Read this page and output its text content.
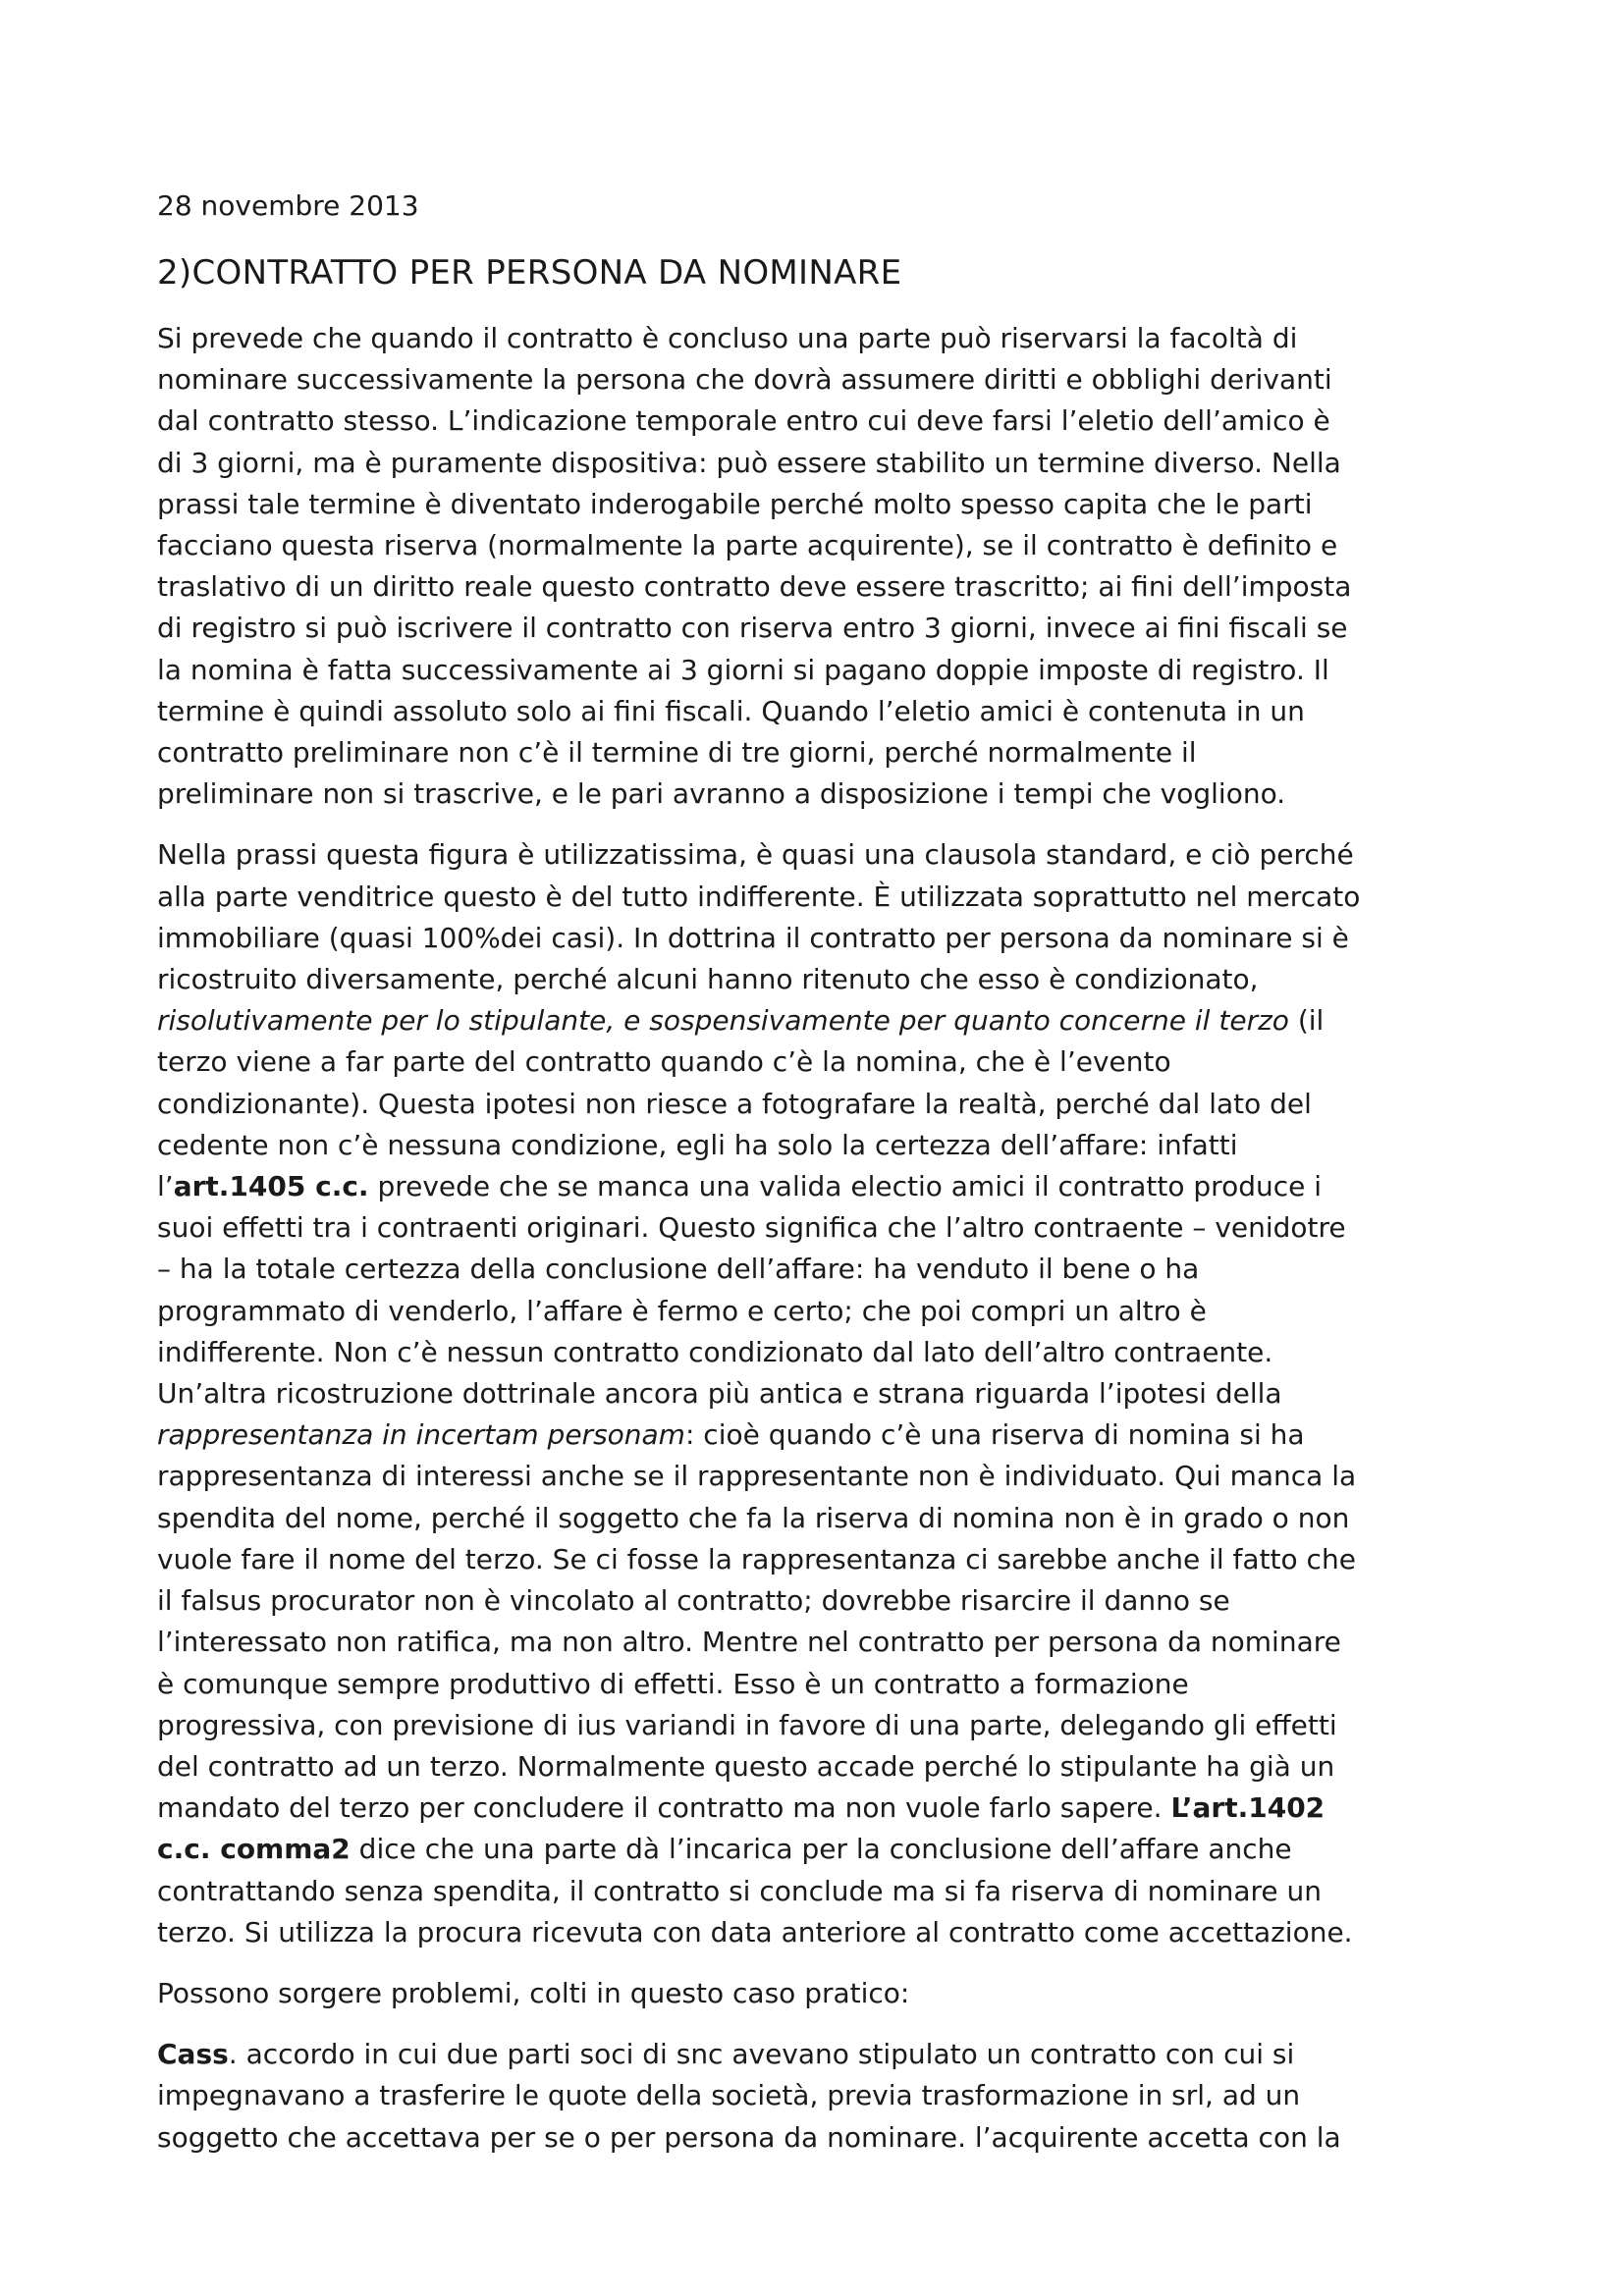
28 novembre 2013
2)CONTRATTO PER PERSONA DA NOMINARE
Si prevede che quando il contratto è concluso una parte può riservarsi la facoltà di
nominare successivamente la persona che dovrà assumere diritti e obblighi derivanti
dal contratto stesso. L’indicazione temporale entro cui deve farsi l’eletio dell’amico è
di 3 giorni, ma è puramente dispositiva: può essere stabilito un termine diverso. Nella
prassi tale termine è diventato inderogabile perché molto spesso capita che le parti
facciano questa riserva (normalmente la parte acquirente), se il contratto è definito e
traslativo di un diritto reale questo contratto deve essere trascritto; ai fini dell’imposta
di registro si può iscrivere il contratto con riserva entro 3 giorni, invece ai fini fiscali se
la nomina è fatta successivamente ai 3 giorni si pagano doppie imposte di registro. Il
termine è quindi assoluto solo ai fini fiscali. Quando l’eletio amici è contenuta in un
contratto preliminare non c’è il termine di tre giorni, perché normalmente il
preliminare non si trascrive, e le pari avranno a disposizione i tempi che vogliono.
Nella prassi questa figura è utilizzatissima, è quasi una clausola standard, e ciò perché
alla parte venditrice questo è del tutto indifferente. È utilizzata soprattutto nel mercato
immobiliare (quasi 100%dei casi). In dottrina il contratto per persona da nominare si è
ricostruito diversamente, perché alcuni hanno ritenuto che esso è condizionato,
risolutivamente per lo stipulante, e sospensivamente per quanto concerne il terzo (il
terzo viene a far parte del contratto quando c’è la nomina, che è l’evento
condizionante). Questa ipotesi non riesce a fotografare la realtà, perché dal lato del
cedente non c’è nessuna condizione, egli ha solo la certezza dell’affare: infatti
l’art.1405 c.c. prevede che se manca una valida electio amici il contratto produce i
suoi effetti tra i contraenti originari. Questo significa che l’altro contraente – venidotre
– ha la totale certezza della conclusione dell’affare: ha venduto il bene o ha
programmato di venderlo, l’affare è fermo e certo; che poi compri un altro è
indifferente. Non c’è nessun contratto condizionato dal lato dell’altro contraente.
Un’altra ricostruzione dottrinale ancora più antica e strana riguarda l’ipotesi della
rappresentanza in incertam personam: cioè quando c’è una riserva di nomina si ha
rappresentanza di interessi anche se il rappresentante non è individuato. Qui manca la
spendita del nome, perché il soggetto che fa la riserva di nomina non è in grado o non
vuole fare il nome del terzo. Se ci fosse la rappresentanza ci sarebbe anche il fatto che
il falsus procurator non è vincolato al contratto; dovrebbe risarcire il danno se
l’interessato non ratifica, ma non altro. Mentre nel contratto per persona da nominare
è comunque sempre produttivo di effetti. Esso è un contratto a formazione
progressiva, con previsione di ius variandi in favore di una parte, delegando gli effetti
del contratto ad un terzo. Normalmente questo accade perché lo stipulante ha già un
mandato del terzo per concludere il contratto ma non vuole farlo sapere. L’art.1402
c.c. comma2 dice che una parte dà l’incarica per la conclusione dell’affare anche
contrattando senza spendita, il contratto si conclude ma si fa riserva di nominare un
terzo. Si utilizza la procura ricevuta con data anteriore al contratto come accettazione.
Possono sorgere problemi, colti in questo caso pratico:
Cass. accordo in cui due parti soci di snc avevano stipulato un contratto con cui si
impegnavano a trasferire le quote della società, previa trasformazione in srl, ad un
soggetto che accettava per se o per persona da nominare. l’acquirente accetta con la
